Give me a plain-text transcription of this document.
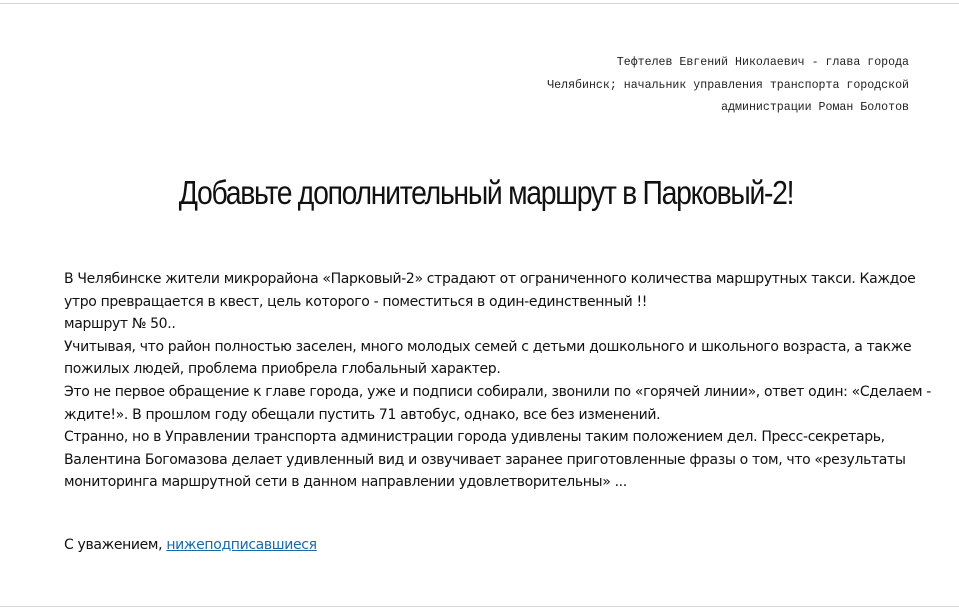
Тефтелев Евгений Николаевич - глава города
Челябинск; начальник управления транспорта городской
администрации Роман Болотов
Добавьте дополнительный маршрут в Парковый-2!
В Челябинске жители микрорайона «Парковый-2» страдают от ограниченного количества маршрутных такси. Каждое
утро превращается в квест, цель которого - поместиться в один-единственный !!
маршрут № 50..
Учитывая, что район полностью заселен, много молодых семей с детьми дошкольного и школьного возраста, а также
пожилых людей, проблема приобрела глобальный характер.
Это не первое обращение к главе города, уже и подписи собирали, звонили по «горячей линии», ответ один: «Сделаем -
ждите!». В прошлом году обещали пустить 71 автобус, однако, все без изменений.
Странно, но в Управлении транспорта администрации города удивлены таким положением дел. Пресс-секретарь,
Валентина Богомазова делает удивленный вид и озвучивает заранее приготовленные фразы о том, что «результаты
мониторинга маршрутной сети в данном направлении удовлетворительны» ...
С уважением, нижеподписавшиеся
